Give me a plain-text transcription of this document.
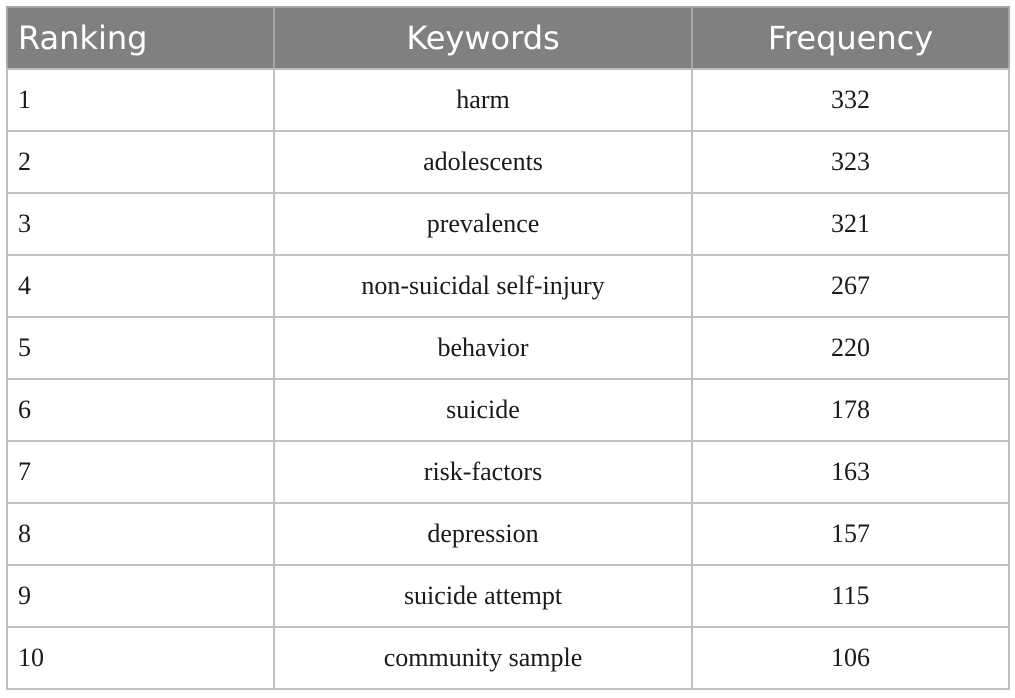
Ranking	Keywords	Frequency
1	harm	332
2	adolescents	323
3	prevalence	321
4	non-suicidal self-injury	267
5	behavior	220
6	suicide	178
7	risk-factors	163
8	depression	157
9	suicide attempt	115
10	community sample	106
